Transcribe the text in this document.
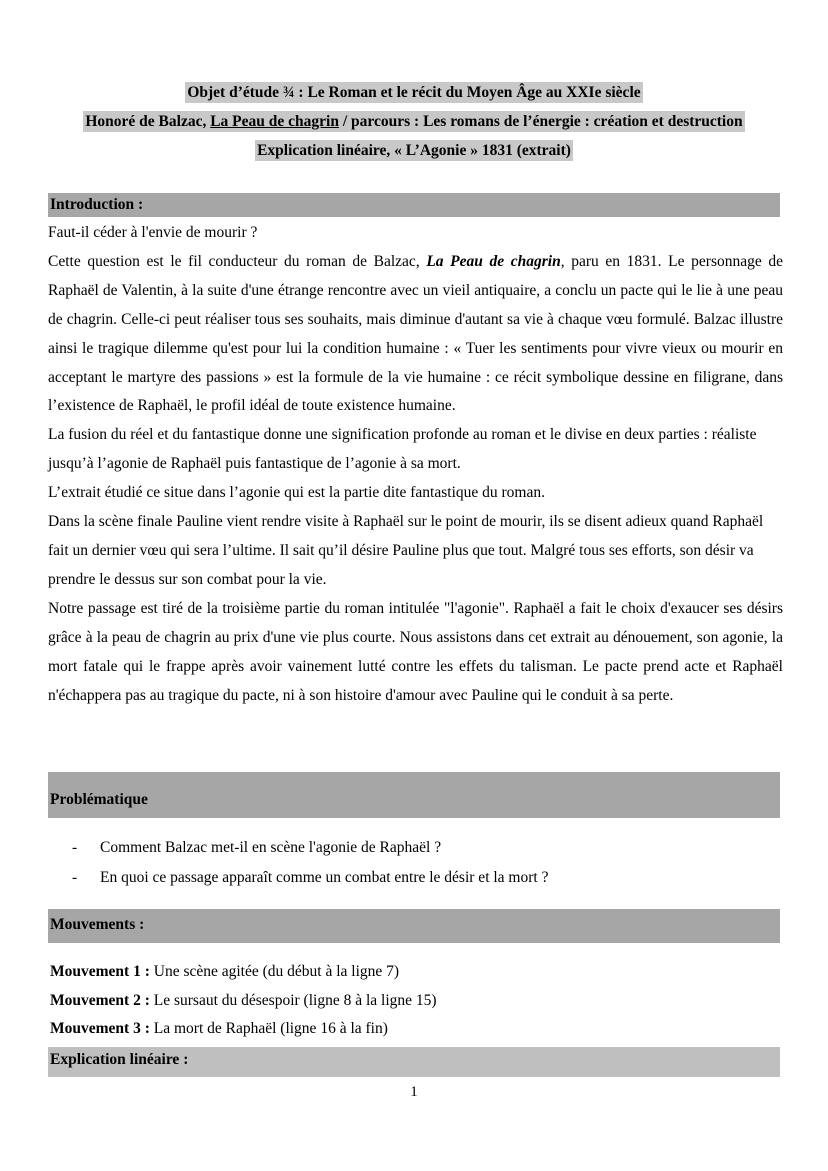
Objet d’étude ¾ : Le Roman et le récit du Moyen Âge au XXIe siècle
Honoré de Balzac, La Peau de chagrin / parcours : Les romans de l’énergie : création et destruction
Explication linéaire, « L’Agonie » 1831 (extrait)
Introduction :

Faut-il céder à l'envie de mourir ?

Cette question est le fil conducteur du roman de Balzac, La Peau de chagrin, paru en 1831. Le personnage de Raphaël de Valentin, à la suite d'une étrange rencontre avec un vieil antiquaire, a conclu un pacte qui le lie à une peau de chagrin. Celle-ci peut réaliser tous ses souhaits, mais diminue d'autant sa vie à chaque vœu formulé. Balzac illustre ainsi le tragique dilemme qu'est pour lui la condition humaine : « Tuer les sentiments pour vivre vieux ou mourir en acceptant le martyre des passions » est la formule de la vie humaine : ce récit symbolique dessine en filigrane, dans l’existence de Raphaël, le profil idéal de toute existence humaine.

La fusion du réel et du fantastique donne une signification profonde au roman et le divise en deux parties : réaliste jusqu’à l’agonie de Raphaël puis fantastique de l’agonie à sa mort.

L’extrait étudié ce situe dans l’agonie qui est la partie dite fantastique du roman.

Dans la scène finale Pauline vient rendre visite à Raphaël sur le point de mourir, ils se disent adieux quand Raphaël fait un dernier vœu qui sera l’ultime. Il sait qu’il désire Pauline plus que tout. Malgré tous ses efforts, son désir va prendre le dessus sur son combat pour la vie.

Notre passage est tiré de la troisième partie du roman intitulée "l'agonie". Raphaël a fait le choix d'exaucer ses désirs grâce à la peau de chagrin au prix d'une vie plus courte. Nous assistons dans cet extrait au dénouement, son agonie, la mort fatale qui le frappe après avoir vainement lutté contre les effets du talisman. Le pacte prend acte et Raphaël n'échappera pas au tragique du pacte, ni à son histoire d'amour avec Pauline qui le conduit à sa perte.

Problématique
-	Comment Balzac met-il en scène l'agonie de Raphaël ?
-	En quoi ce passage apparaît comme un combat entre le désir et la mort ?
Mouvements :
Mouvement 1 : Une scène agitée (du début à la ligne 7)
Mouvement 2 : Le sursaut du désespoir (ligne 8 à la ligne 15)
Mouvement 3 : La mort de Raphaël (ligne 16 à la fin)
Explication linéaire :
1
